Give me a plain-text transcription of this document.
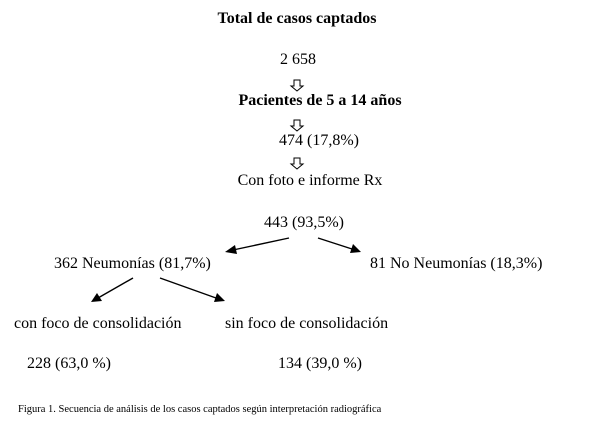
Total de casos captados
2 658
Pacientes de 5 a 14 años
474 (17,8%)
Con foto e informe Rx
443 (93,5%)
362 Neumonías (81,7%)	81 No Neumonías (18,3%)
con foco de consolidación	sin foco de consolidación
228 (63,0 %)	134 (39,0 %)
Figura 1. Secuencia de análisis de los casos captados según interpretación radiográfica
